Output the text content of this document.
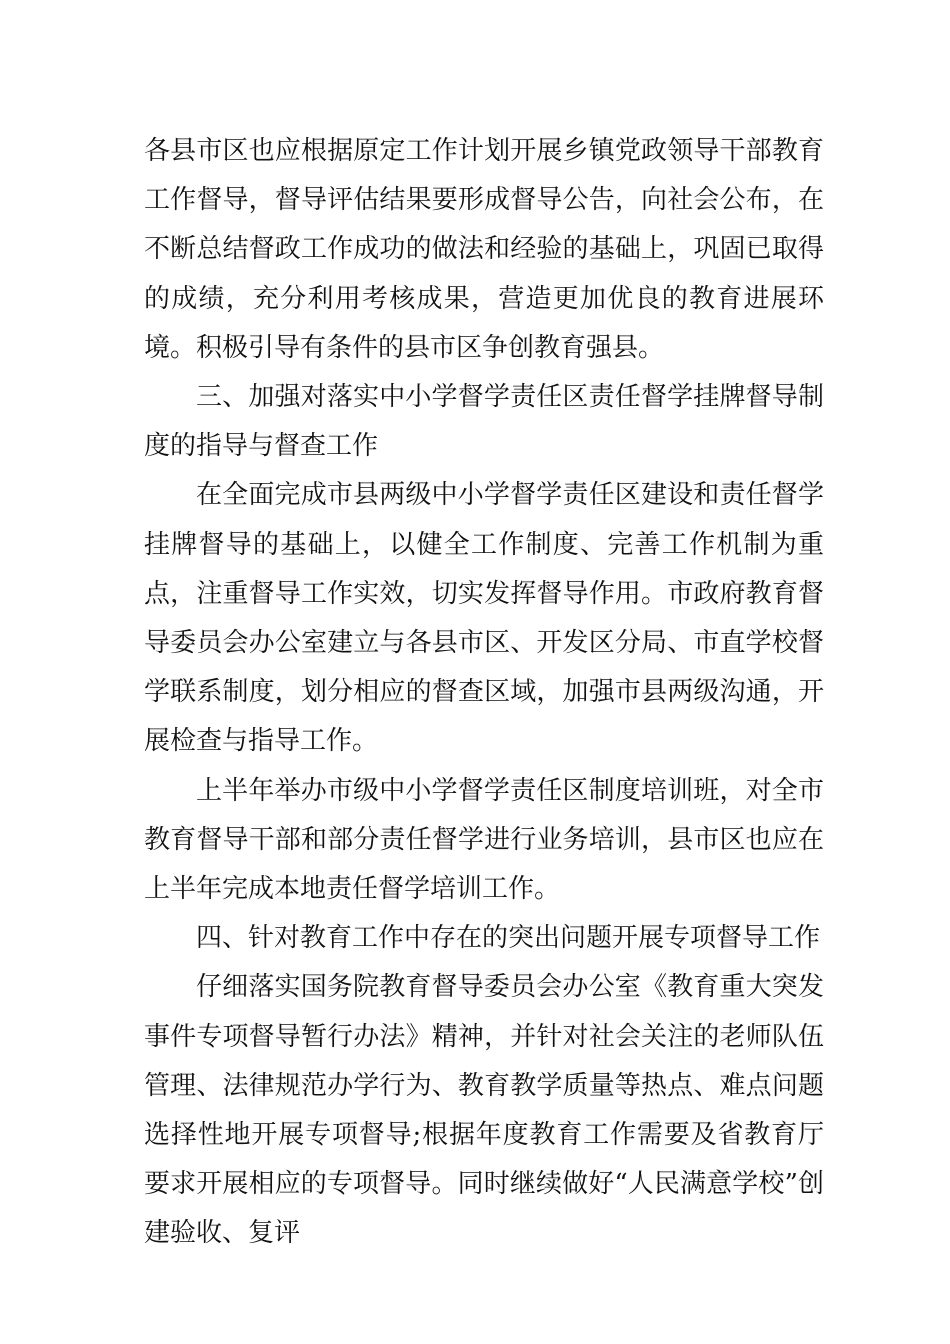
各县市区也应根据原定工作计划开展乡镇党政领导干部教育工作督导，督导评估结果要形成督导公告，向社会公布，在不断总结督政工作成功的做法和经验的基础上，巩固已取得的成绩，充分利用考核成果，营造更加优良的教育进展环境。积极引导有条件的县市区争创教育强县。

三、加强对落实中小学督学责任区责任督学挂牌督导制度的指导与督查工作

在全面完成市县两级中小学督学责任区建设和责任督学挂牌督导的基础上，以健全工作制度、完善工作机制为重点，注重督导工作实效，切实发挥督导作用。市政府教育督导委员会办公室建立与各县市区、开发区分局、市直学校督学联系制度，划分相应的督查区域，加强市县两级沟通，开展检查与指导工作。

上半年举办市级中小学督学责任区制度培训班，对全市教育督导干部和部分责任督学进行业务培训，县市区也应在上半年完成本地责任督学培训工作。

四、针对教育工作中存在的突出问题开展专项督导工作

仔细落实国务院教育督导委员会办公室《教育重大突发事件专项督导暂行办法》精神，并针对社会关注的老师队伍管理、法律规范办学行为、教育教学质量等热点、难点问题选择性地开展专项督导;根据年度教育工作需要及省教育厅要求开展相应的专项督导。同时继续做好“人民满意学校”创建验收、复评
